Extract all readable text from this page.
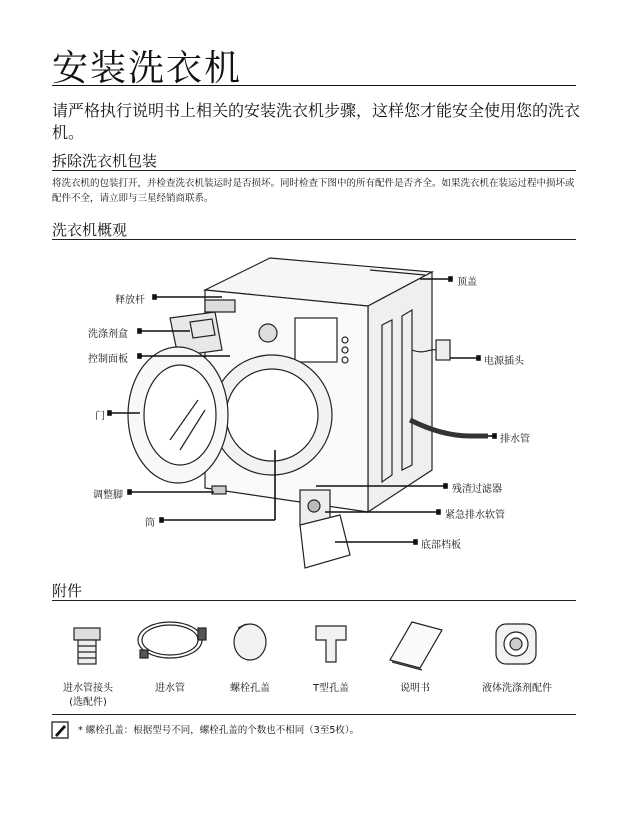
安装洗衣机
请严格执行说明书上相关的安装洗衣机步骤，这样您才能安全使用您的洗衣机。
拆除洗衣机包装
将洗衣机的包装打开，并检查洗衣机装运时是否损坏。同时检查下图中的所有配件是否齐全。如果洗衣机在装运过程中损坏或配件不全，请立即与三星经销商联系。
洗衣机概观
释放杆
洗涤剂盒
控制面板
门
调整脚
筒
顶盖
电源插头
排水管
残渣过滤器
紧急排水软管
底部档板
附件
进水管接头
(选配件)
进水管	螺栓孔盖	T型孔盖	说明书	液体洗涤剂配件
* 螺栓孔盖：根据型号不同，螺栓孔盖的个数也不相同（3至5枚）。
